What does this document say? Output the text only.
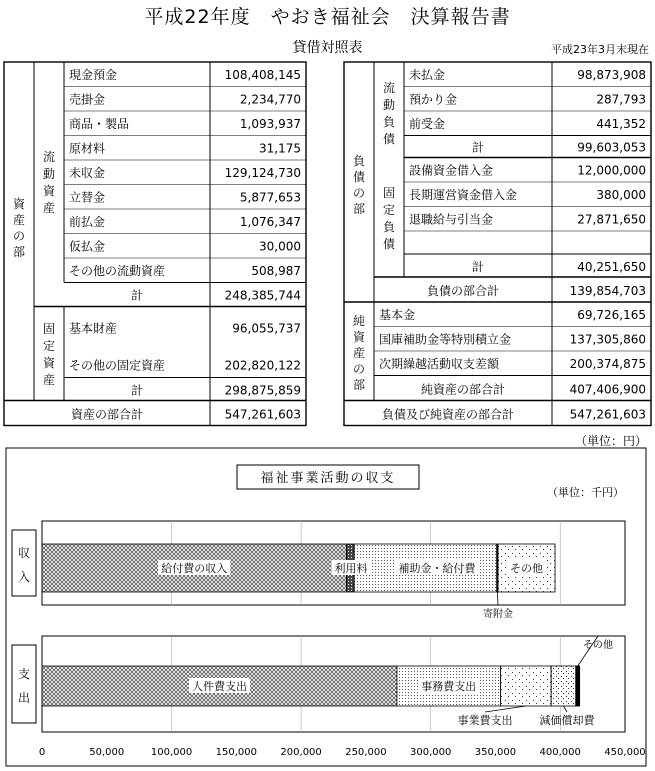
平成22年度　やおき福祉会　決算報告書
貸借対照表	平成23年3月末現在
現金預金	108,408,145
売掛金	2,234,770
商品・製品	1,093,937
原材料	31,175
未収金	129,124,730
立替金	5,877,653
前払金	1,076,347
仮払金	30,000
その他の流動資産	508,987
計	248,385,744
基本財産	96,055,737
その他の固定資産	202,820,122
計	298,875,859
資産の部合計	547,261,603
資産の部
流動資産
固定資産
未払金	98,873,908
預かり金	287,793
前受金	441,352
計	99,603,053
設備資金借入金	12,000,000
長期運営資金借入金	380,000
退職給与引当金	27,871,650
計	40,251,650
負債の部合計	139,854,703
基本金	69,726,165
国庫補助金等特別積立金	137,305,860
次期繰越活動収支差額	200,374,875
純資産の部合計	407,406,900
負債及び純資産の部合計	547,261,603
負債の部
流動負債
固定負債
純資産の部
（単位：円）
福祉事業活動の収支
（単位：千円）
収入
支出
給付費の収入	利用料	補助金・給付費
寄附金
その他
人件費支出	事務費支出
事業費支出 減価償却費
その他
0	50,000	100,000 150,000 200,000 250,000 300,000 350,000 400,000 450,000
